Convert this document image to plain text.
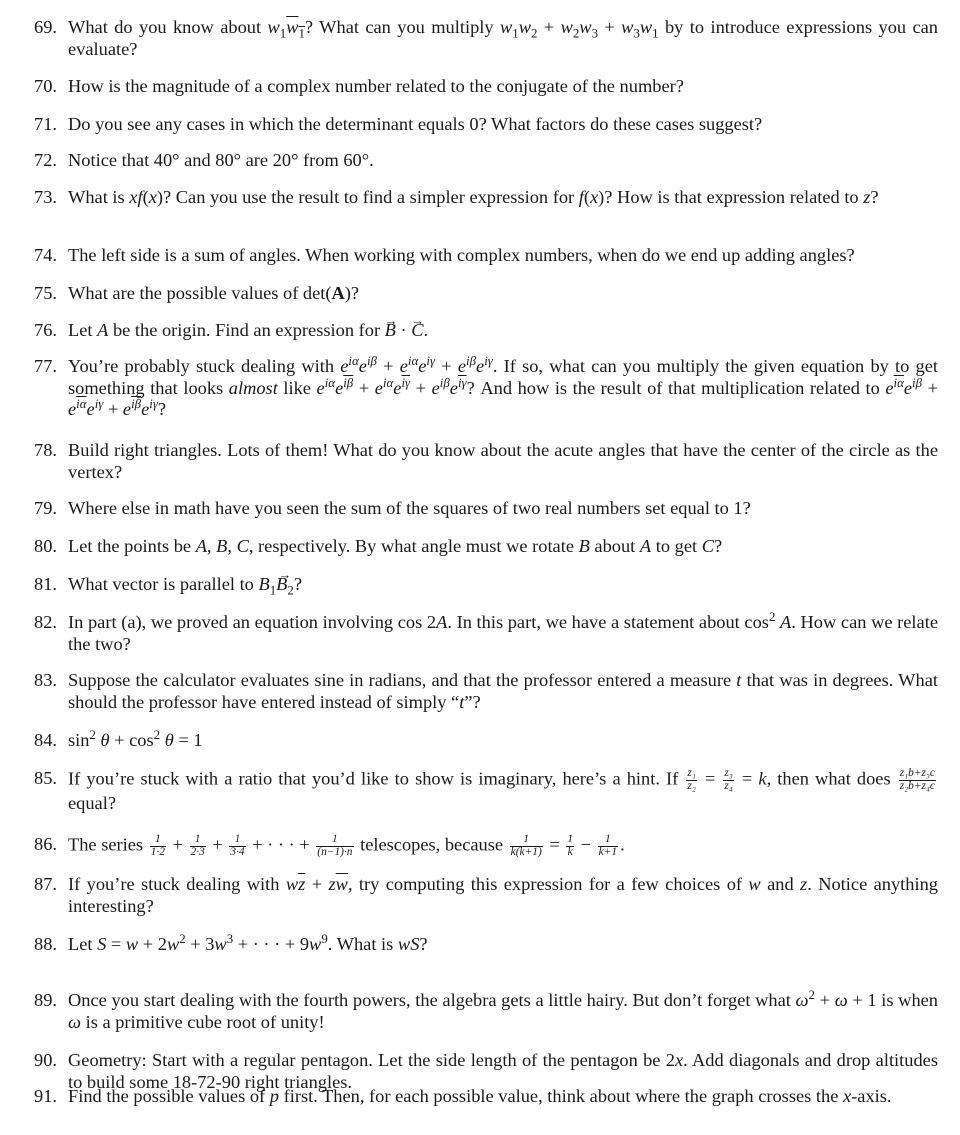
69. What do you know about $w_1w_1$? What can you multiply $w_1w_2 + w_2w_3 + w_3w_1$ by to introduce expressions you can evaluate?
70. How is the magnitude of a complex number related to the conjugate of the number?
71. Do you see any cases in which the determinant equals 0? What factors do these cases suggest?
72. Notice that 40° and 80° are 20° from 60°.
73. What is xf(x)? Can you use the result to find a simpler expression for f(x)? How is that expression related to z?
74. The left side is a sum of angles. When working with complex numbers, when do we end up adding angles?
75. What are the possible values of det(A)?
76. Let A be the origin. Find an expression for → B · → C.
77. You’re probably stuck dealing with $e^{i\alpha}e^{i\beta} + e^{i\alpha}e^{i\gamma} + e^{i\beta}e^{i\gamma}$. If so, what can you multiply the given equation by to get something that looks almost like $e^{i\alpha}e^{\overline{i\beta}} + e^{i\alpha}e^{\overline{i\gamma}} + e^{i\beta}e^{\overline{i\gamma}}$? And how is the result of that multiplication related to $e^{\overline{i\alpha}}e^{i\beta} + e^{\overline{i\alpha}}e^{i\gamma} + e^{\overline{i\beta}}e^{i\gamma}$?
78. Build right triangles. Lots of them! What do you know about the acute angles that have the center of the circle as the vertex?
79. Where else in math have you seen the sum of the squares of two real numbers set equal to 1?
80. Let the points be A, B, C, respectively. By what angle must we rotate B about A to get C?
81. What vector is parallel to $B_1\to B_2$?
82. In part (a), we proved an equation involving cos 2A. In this part, we have a statement about $\cos^2 A$. How can we relate the two?
83. Suppose the calculator evaluates sine in radians, and that the professor entered a measure t that was in degrees. What should the professor have entered instead of simply “t”?
84. $\sin^2 \theta + \cos^2 \theta = 1$
85. If you’re stuck with a ratio that you’d like to show is imaginary, here’s a hint. If $\frac{\text{z₁}}{\text{z₂}} = \frac{\text{z₃}}{\text{z₄}} = k$, then what does $\frac{\text{z₁b+z₃c}}{\text{z₂b+z₄c}}$
equal?
86. The series $\frac{1}{1\cdot 2} + \frac{1}{2\cdot 3} + \frac{1}{3\cdot 4}$ + · · · + $\frac{1}{(n-1)\cdot n}$ telescopes, because $\frac{1}{k(k+1)} = \frac{1}{k} - \frac{1}{k+1}$ .
87. If you’re stuck dealing with $w\overline{z} + z\overline{w}$, try computing this expression for a few choices of w and z. Notice anything interesting?
88. Let $S = w + 2w^2 + 3w^3$ + · · · + $9w^9$. What is wS?
89. Once you start dealing with the fourth powers, the algebra gets a little hairy. But don’t forget what $\omega^2 + \omega + 1$ is when ω is a primitive cube root of unity!
90. Geometry: Start with a regular pentagon. Let the side length of the pentagon be 2x. Add diagonals and drop altitudes to build some 18-72-90 right triangles.
91. Find the possible values of p first. Then, for each possible value, think about where the graph crosses the x-axis.
